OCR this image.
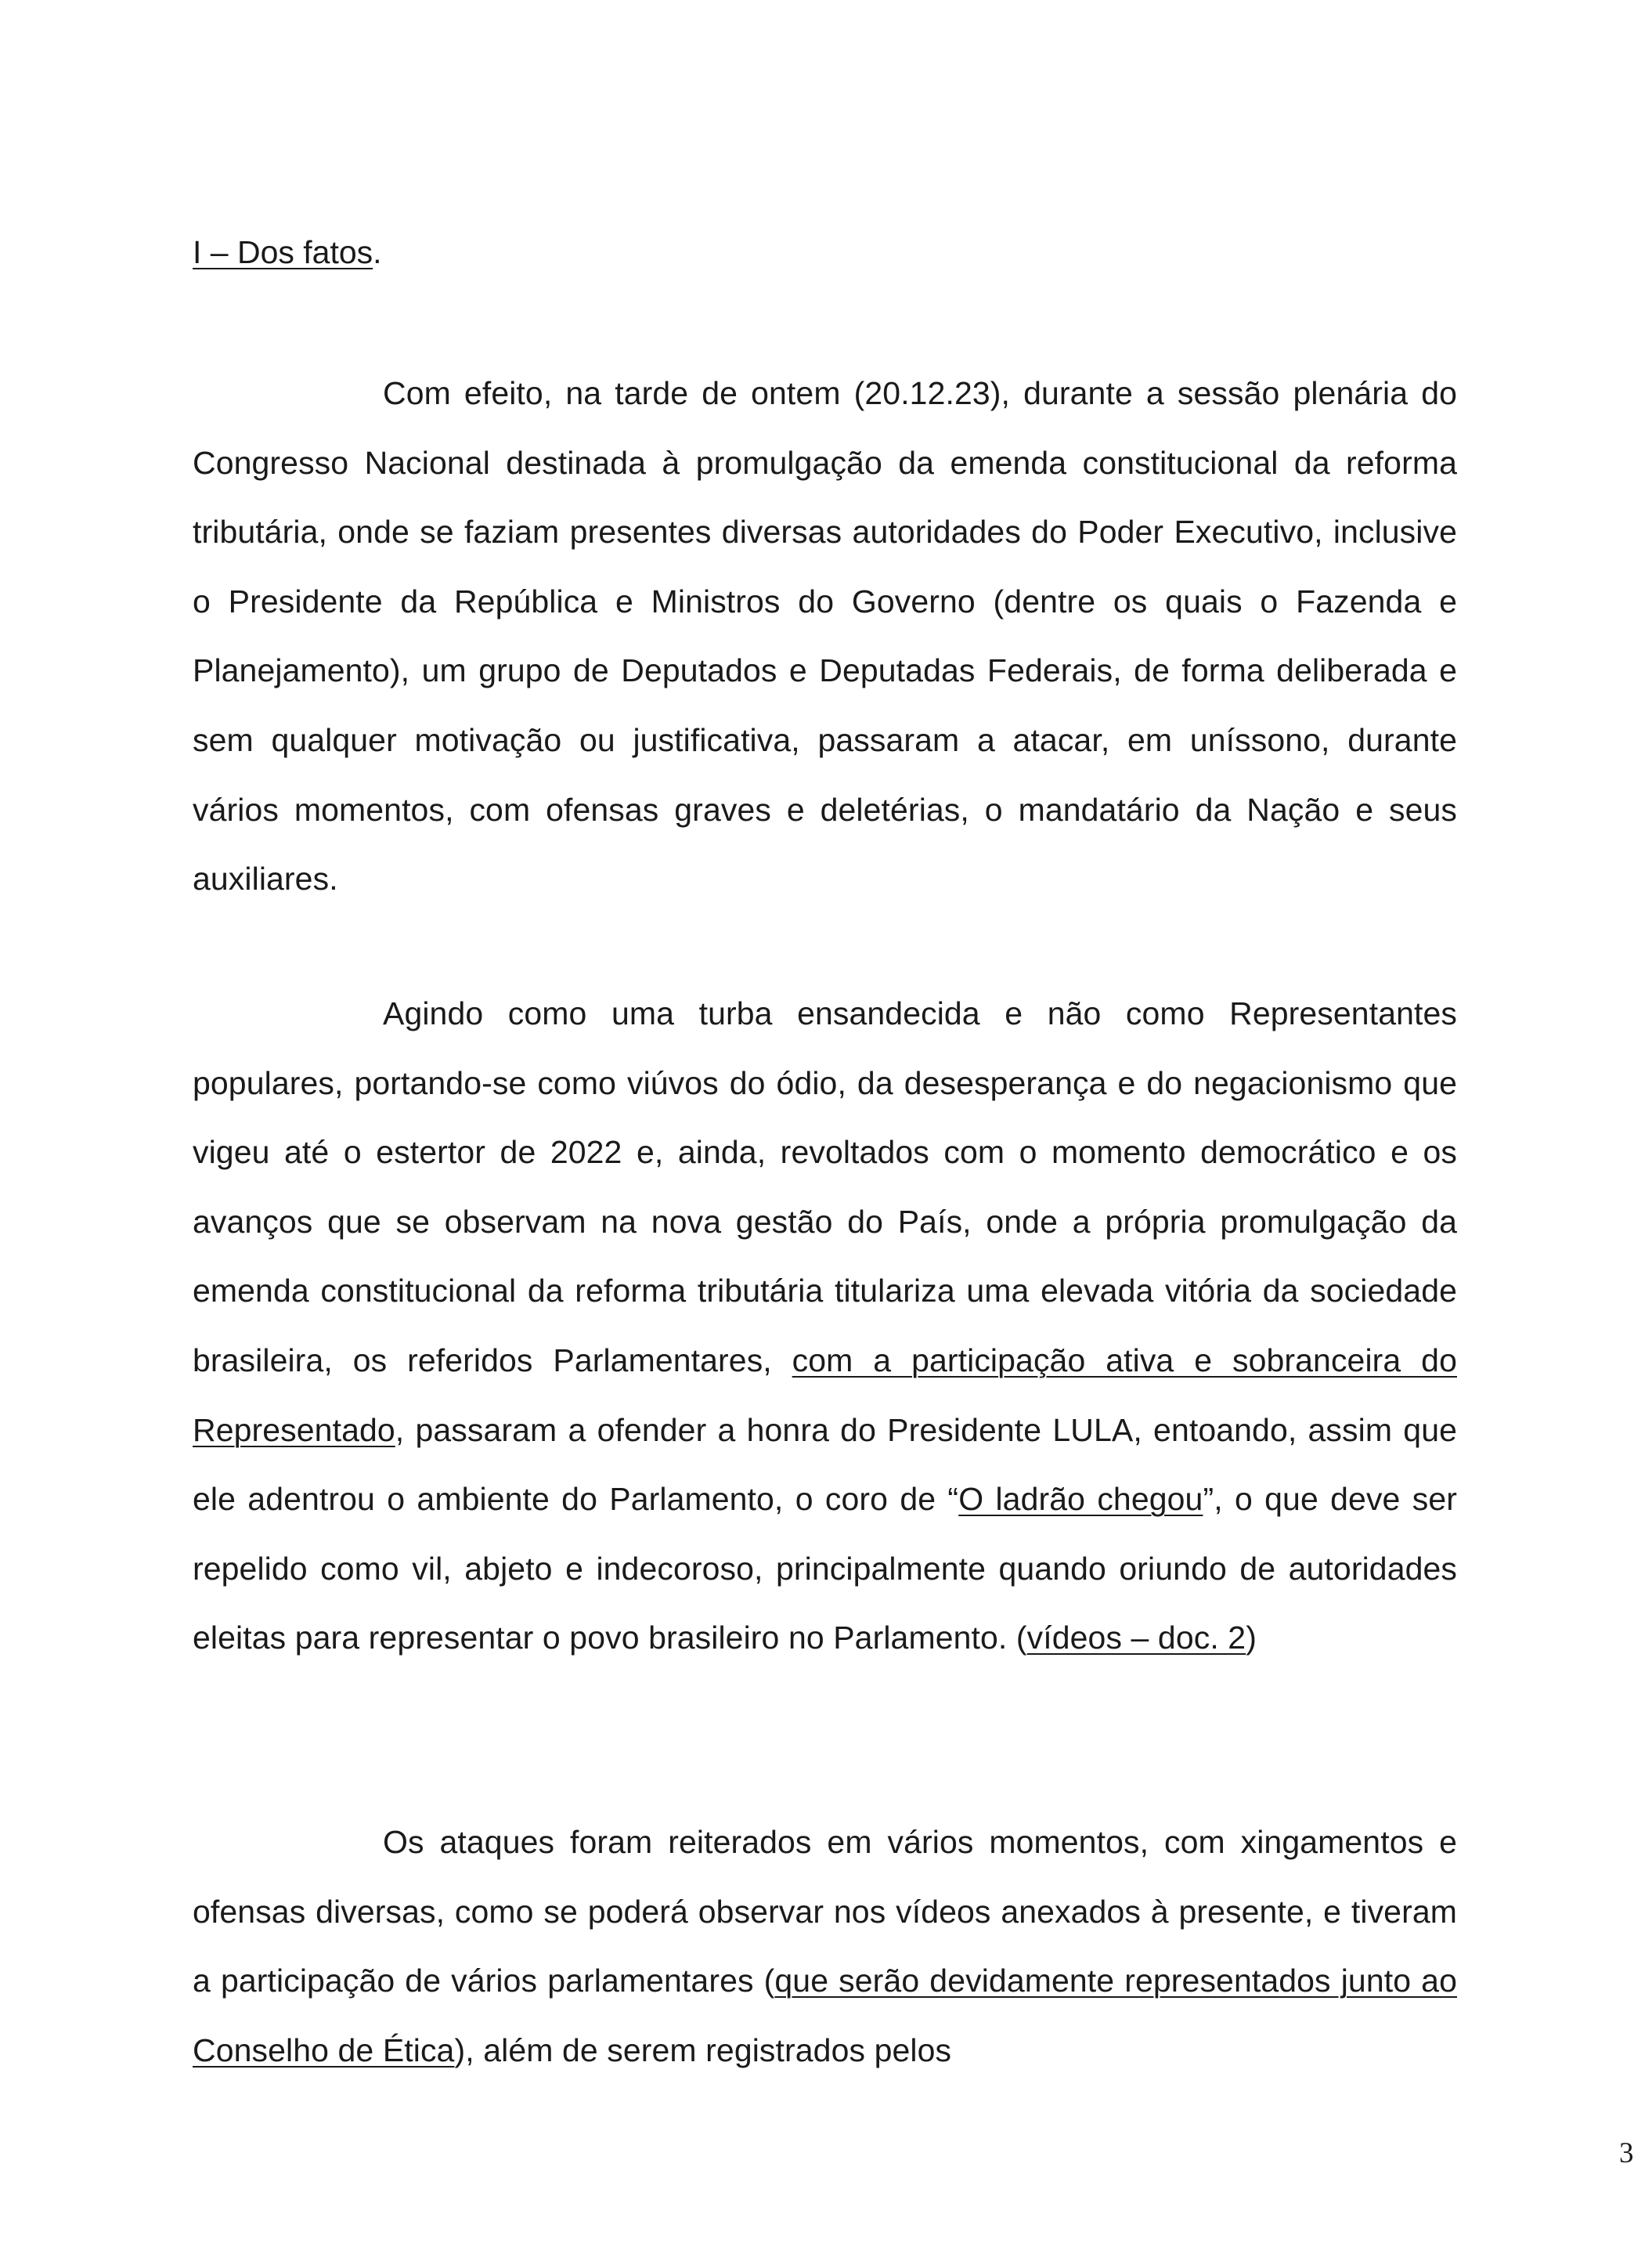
I – Dos fatos.

Com efeito, na tarde de ontem (20.12.23), durante a sessão plenária do Congresso Nacional destinada à promulgação da emenda constitucional da reforma tributária, onde se faziam presentes diversas autoridades do Poder Executivo, inclusive o Presidente da República e Ministros do Governo (dentre os quais o Fazenda e Planejamento), um grupo de Deputados e Deputadas Federais, de forma deliberada e sem qualquer motivação ou justificativa, passaram a atacar, em uníssono, durante vários momentos, com ofensas graves e deletérias, o mandatário da Nação e seus auxiliares.

Agindo como uma turba ensandecida e não como Representantes populares, portando-se como viúvos do ódio, da desesperança e do negacionismo que vigeu até o estertor de 2022 e, ainda, revoltados com o momento democrático e os avanços que se observam na nova gestão do País, onde a própria promulgação da emenda constitucional da reforma tributária titulariza uma elevada vitória da sociedade brasileira, os referidos Parlamentares, com a participação ativa e sobranceira do Representado, passaram a ofender a honra do Presidente LULA, entoando, assim que ele adentrou o ambiente do Parlamento, o coro de “O ladrão chegou”, o que deve ser repelido como vil, abjeto e indecoroso, principalmente quando oriundo de autoridades eleitas para representar o povo brasileiro no Parlamento. (vídeos – doc. 2)

Os ataques foram reiterados em vários momentos, com xingamentos e ofensas diversas, como se poderá observar nos vídeos anexados à presente, e tiveram a participação de vários parlamentares (que serão devidamente representados junto ao Conselho de Ética), além de serem registrados pelos

3
